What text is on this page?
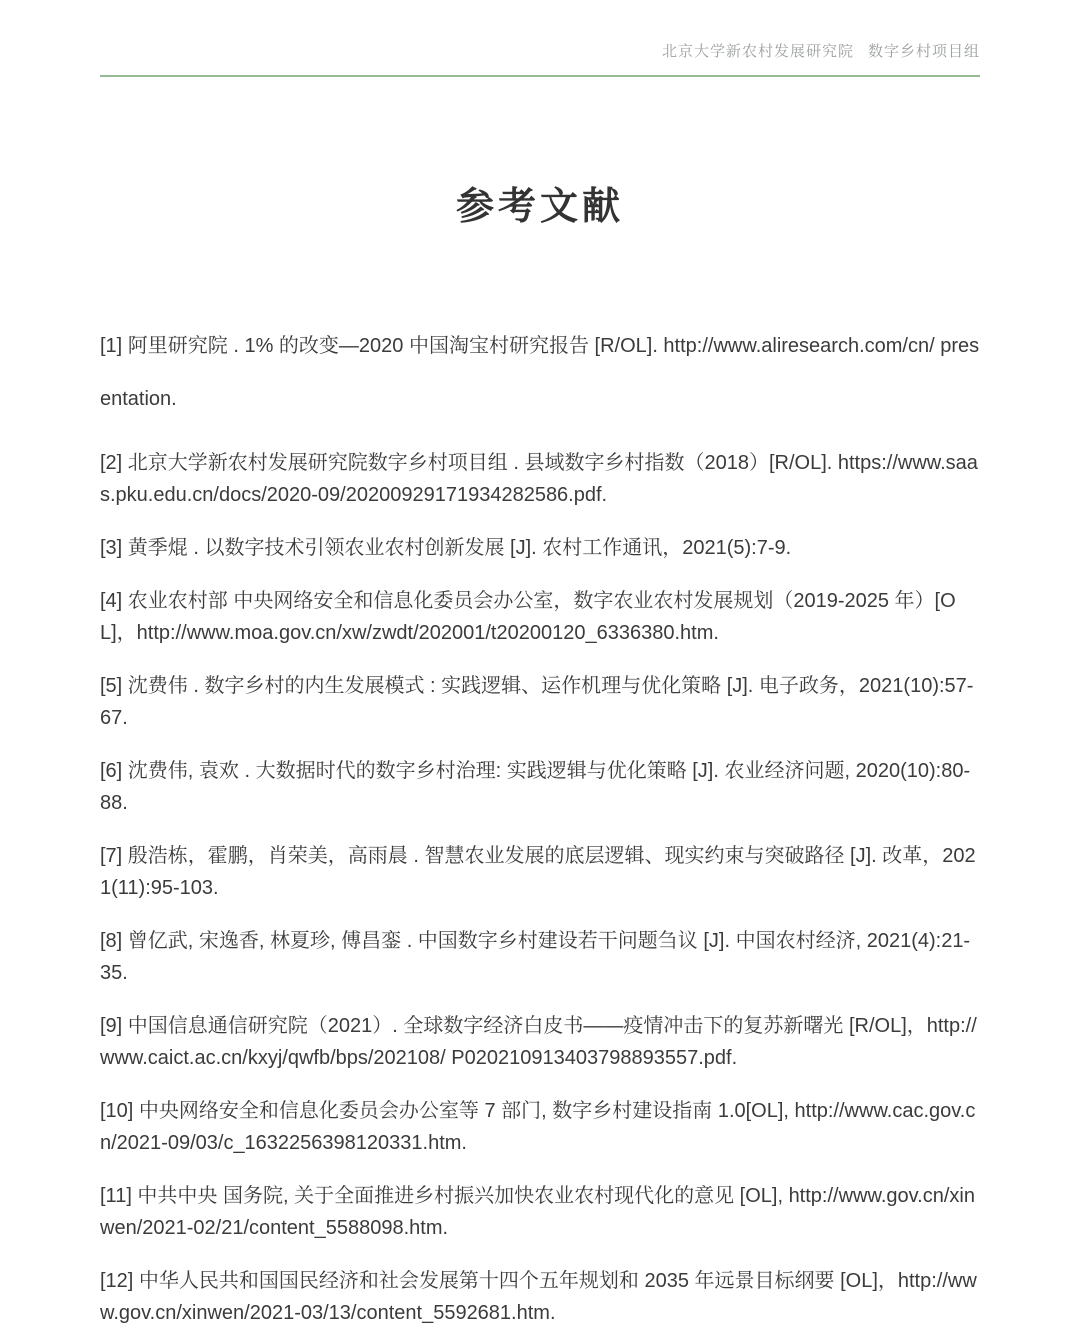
北京大学新农村发展研究院 数字乡村项目组
参考文献

[1] 阿里研究院 . 1% 的改变—2020 中国淘宝村研究报告 [R/OL]. http://www.aliresearch.com/cn/ presentation.

[2] 北京大学新农村发展研究院数字乡村项目组 . 县域数字乡村指数（2018）[R/OL]. https://www.saas.pku.edu.cn/docs/2020-09/20200929171934282586.pdf.

[3] 黄季焜 . 以数字技术引领农业农村创新发展 [J]. 农村工作通讯，2021(5):7-9.

[4] 农业农村部 中央网络安全和信息化委员会办公室，数字农业农村发展规划（2019-2025 年）[OL]，http://www.moa.gov.cn/xw/zwdt/202001/t20200120_6336380.htm.

[5] 沈费伟 . 数字乡村的内生发展模式 : 实践逻辑、运作机理与优化策略 [J]. 电子政务，2021(10):57-67.

[6] 沈费伟, 袁欢 . 大数据时代的数字乡村治理: 实践逻辑与优化策略 [J]. 农业经济问题, 2020(10):80-88.

[7] 殷浩栋，霍鹏，肖荣美，高雨晨 . 智慧农业发展的底层逻辑、现实约束与突破路径 [J]. 改革，2021(11):95-103.

[8] 曾亿武, 宋逸香, 林夏珍, 傅昌銮 . 中国数字乡村建设若干问题刍议 [J]. 中国农村经济, 2021(4):21-35.

[9] 中国信息通信研究院（2021）. 全球数字经济白皮书——疫情冲击下的复苏新曙光 [R/OL]，http://www.caict.ac.cn/kxyj/qwfb/bps/202108/ P020210913403798893557.pdf.

[10] 中央网络安全和信息化委员会办公室等 7 部门, 数字乡村建设指南 1.0[OL], http://www.cac.gov.cn/2021-09/03/c_1632256398120331.htm.

[11] 中共中央 国务院, 关于全面推进乡村振兴加快农业农村现代化的意见 [OL], http://www.gov.cn/xinwen/2021-02/21/content_5588098.htm.

[12] 中华人民共和国国民经济和社会发展第十四个五年规划和 2035 年远景目标纲要 [OL]，http://www.gov.cn/xinwen/2021-03/13/content_5592681.htm.
